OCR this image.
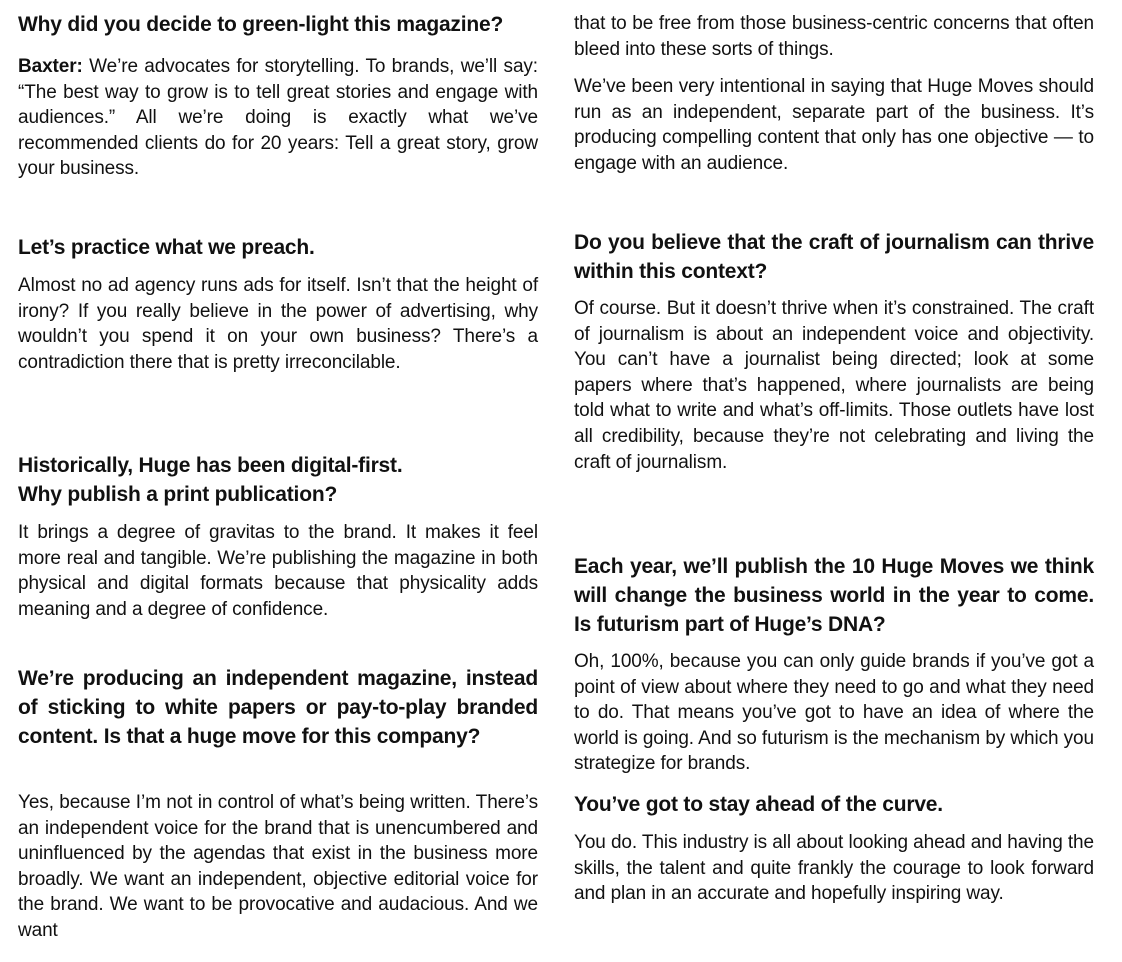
Why did you decide to green-light this magazine?

Baxter: We’re advocates for storytelling. To brands, we’ll say: “The best way to grow is to tell great stories and engage with audiences.” All we’re doing is exactly what we’ve recommended clients do for 20 years: Tell a great story, grow your business.

Let’s practice what we preach.

Almost no ad agency runs ads for itself. Isn’t that the height of irony? If you really believe in the power of advertising, why wouldn’t you spend it on your own business? There’s a contradiction there that is pretty irreconcilable.

Historically, Huge has been digital-first.
Why publish a print publication?

It brings a degree of gravitas to the brand. It makes it feel more real and tangible. We’re publishing the magazine in both physical and digital formats because that physicality adds meaning and a degree of confidence.

We’re producing an independent magazine, instead of sticking to white papers or pay-to-play branded content. Is that a huge move for this company?

Yes, because I’m not in control of what’s being written. There’s an independent voice for the brand that is unencumbered and uninfluenced by the agendas that exist in the business more broadly. We want an independent, objective editorial voice for the brand. We want to be provocative and audacious. And we want

that to be free from those business-centric concerns that often bleed into these sorts of things.

We’ve been very intentional in saying that Huge Moves should run as an independent, separate part of the business. It’s producing compelling content that only has one objective — to engage with an audience.

Do you believe that the craft of journalism can thrive within this context?

Of course. But it doesn’t thrive when it’s constrained. The craft of journalism is about an independent voice and objectivity. You can’t have a journalist being directed; look at some papers where that’s happened, where journalists are being told what to write and what’s off-limits. Those outlets have lost all credibility, because they’re not celebrating and living the craft of journalism.

Each year, we’ll publish the 10 Huge Moves we think will change the business world in the year to come. Is futurism part of Huge’s DNA?

Oh, 100%, because you can only guide brands if you’ve got a point of view about where they need to go and what they need to do. That means you’ve got to have an idea of where the world is going. And so futurism is the mechanism by which you strategize for brands.

You’ve got to stay ahead of the curve.

You do. This industry is all about looking ahead and having the skills, the talent and quite frankly the courage to look forward and plan in an accurate and hopefully inspiring way.
